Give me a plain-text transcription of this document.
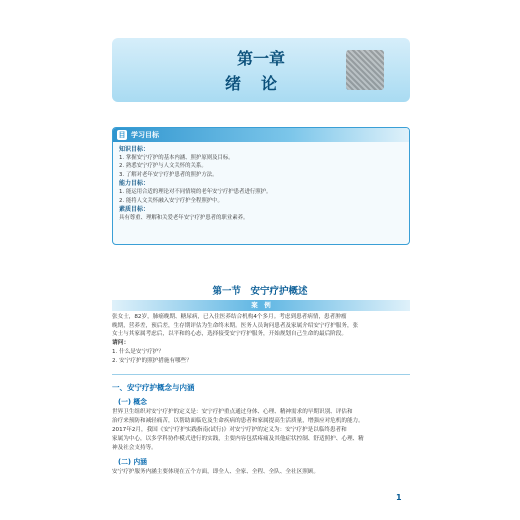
第一章
绪论
目 学习目标
知识目标：
1. 掌握安宁疗护的基本内涵、照护原则及目标。
2. 熟悉安宁疗护与人文关怀的关系。
3. 了解对老年安宁疗护患者的照护方法。
能力目标：
1. 能运用合适的理论对不同情境的老年安宁疗护患者进行照护。
2. 能将人文关怀融入安宁疗护全程照护中。
素质目标：
具有尊重、理解和关爱老年安宁疗护患者的职业素养。
第一节　安宁疗护概述
案　例
张女士，82岁，肺癌晚期、糖尿病，已入住医养结合机构4个多月。考虑到患者病情，患者肿瘤
晚期，营养差，预后差，生存期评估为生命终末期。医务人员询问患者及家属介绍安宁疗护服务，张
女士与其家属考虑后，以平和的心态，选择接受安宁疗护服务，开始规划自己生命的最后阶段。
请问：
1. 什么是安宁疗护？
2. 安宁疗护的照护措施有哪些？
一、安宁疗护概念与内涵
(一) 概念
世界卫生组织对安宁疗护的定义是：安宁疗护重点通过身体、心理、精神需求的早期识别、评估和
治疗来预防和减轻痛苦，以帮助面临危及生命疾病的患者和家属提高生活质量，增强应对危机的能力。
2017年2月，我国《安宁疗护实践指南(试行)》对安宁疗护的定义为：安宁疗护是以临终患者和
家属为中心，以多学科协作模式进行的实践，主要内容包括疼痛及其他症状控制、舒适照护、心理、精
神及社会支持等。
(二) 内涵
安宁疗护服务内涵主要体现在五个方面，即全人、全家、全程、全队、全社区照顾。
1
